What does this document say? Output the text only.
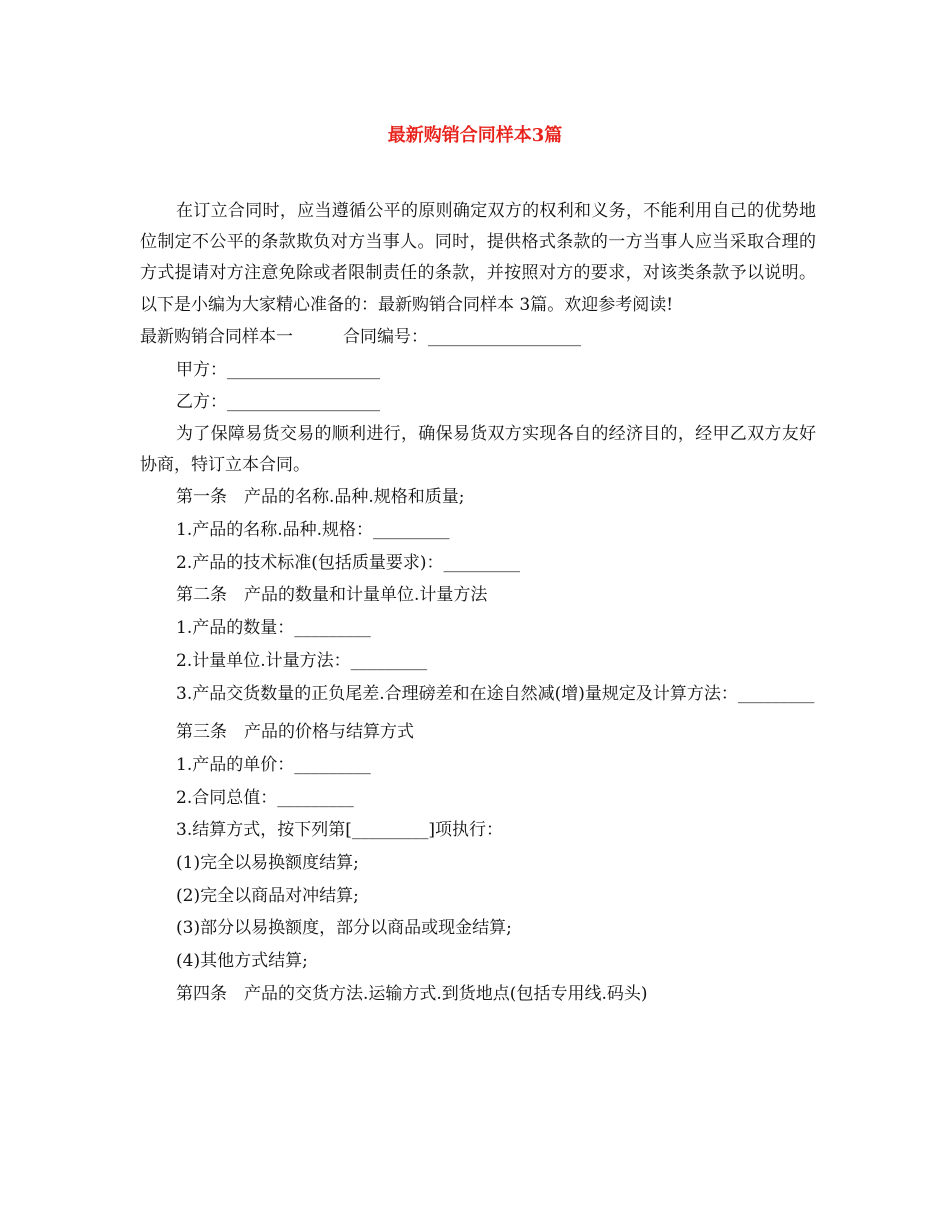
最新购销合同样本3篇

在订立合同时，应当遵循公平的原则确定双方的权利和义务，不能利用自己的优势地位制定不公平的条款欺负对方当事人。同时，提供格式条款的一方当事人应当采取合理的方式提请对方注意免除或者限制责任的条款，并按照对方的要求，对该类条款予以说明。以下是小编为大家精心准备的：最新购销合同样本 3篇。欢迎参考阅读!

最新购销合同样本一	合同编号：__________________

甲方：__________________

乙方：__________________

为了保障易货交易的顺利进行，确保易货双方实现各自的经济目的，经甲乙双方友好协商，特订立本合同。

第一条　产品的名称.品种.规格和质量;

1.产品的名称.品种.规格：_________

2.产品的技术标准(包括质量要求)：_________

第二条　产品的数量和计量单位.计量方法

1.产品的数量：_________

2.计量单位.计量方法：_________

3.产品交货数量的正负尾差.合理磅差和在途自然减(增)量规定及计算方法：_________

第三条　产品的价格与结算方式

1.产品的单价：_________

2.合同总值：_________

3.结算方式，按下列第[_________]项执行：

(1)完全以易换额度结算;

(2)完全以商品对冲结算;

(3)部分以易换额度，部分以商品或现金结算;

(4)其他方式结算;

第四条　产品的交货方法.运输方式.到货地点(包括专用线.码头)
